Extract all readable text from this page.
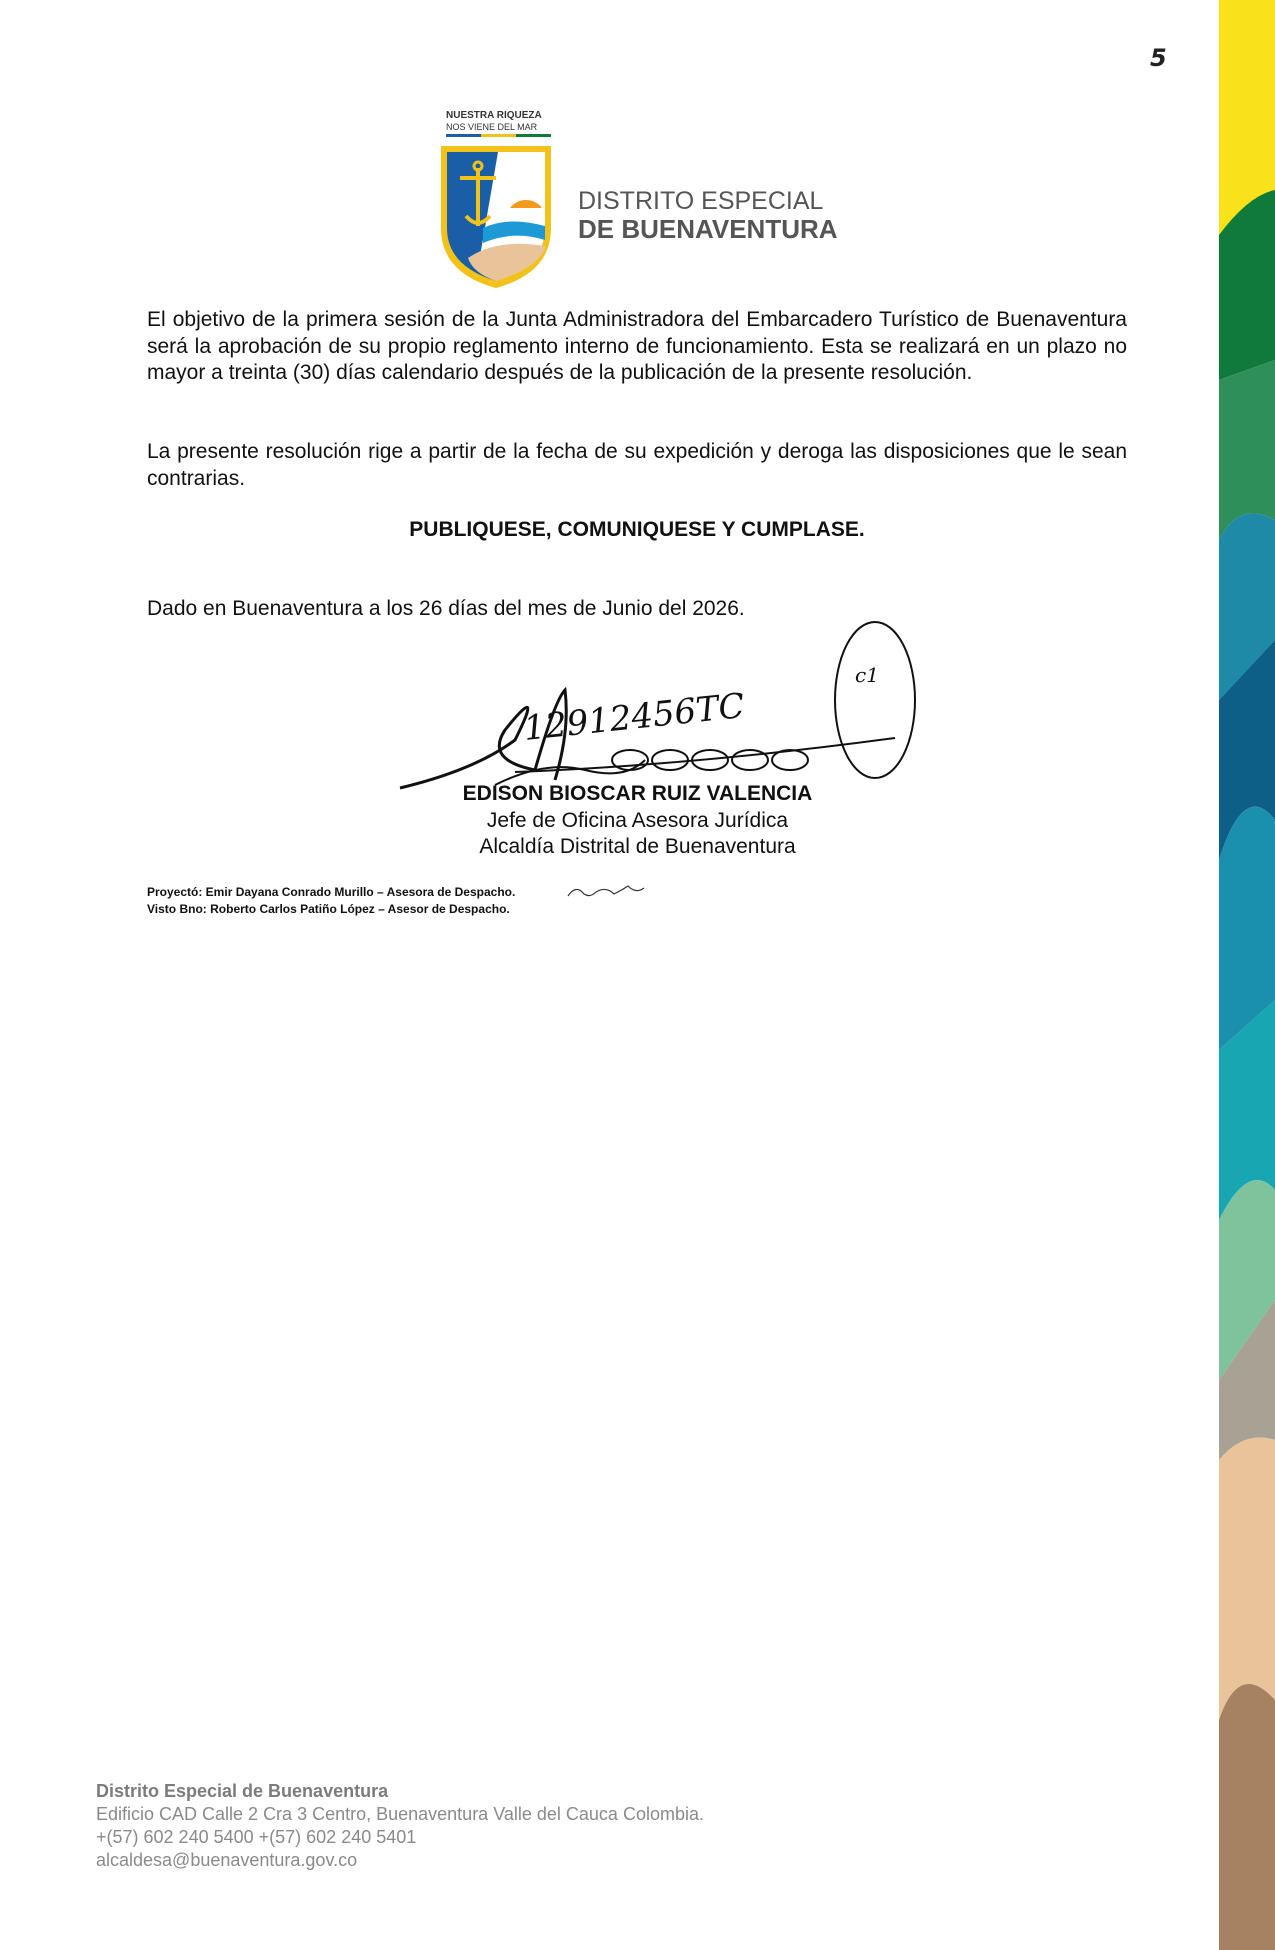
5
NUESTRA RIQUEZA
NOS VIENE DEL MAR
DISTRITO ESPECIAL
DE BUENAVENTURA

El objetivo de la primera sesión de la Junta Administradora del Embarcadero Turístico de Buenaventura será la aprobación de su propio reglamento interno de funcionamiento. Esta se realizará en un plazo no mayor a treinta (30) días calendario después de la publicación de la presente resolución.

La presente resolución rige a partir de la fecha de su expedición y deroga las disposiciones que le sean contrarias.

PUBLIQUESE, COMUNIQUESE Y CUMPLASE.
Dado en Buenaventura a los 26 días del mes de Junio del 2026.
12912456TC
c1
EDISON BIOSCAR RUIZ VALENCIA
Jefe de Oficina Asesora Jurídica
Alcaldía Distrital de Buenaventura
Proyectó: Emir Dayana Conrado Murillo – Asesora de Despacho.
Visto Bno: Roberto Carlos Patiño López – Asesor de Despacho.
Distrito Especial de Buenaventura
Edificio CAD Calle 2 Cra 3 Centro, Buenaventura Valle del Cauca Colombia.
+(57) 602 240 5400 +(57) 602 240 5401
alcaldesa@buenaventura.gov.co
